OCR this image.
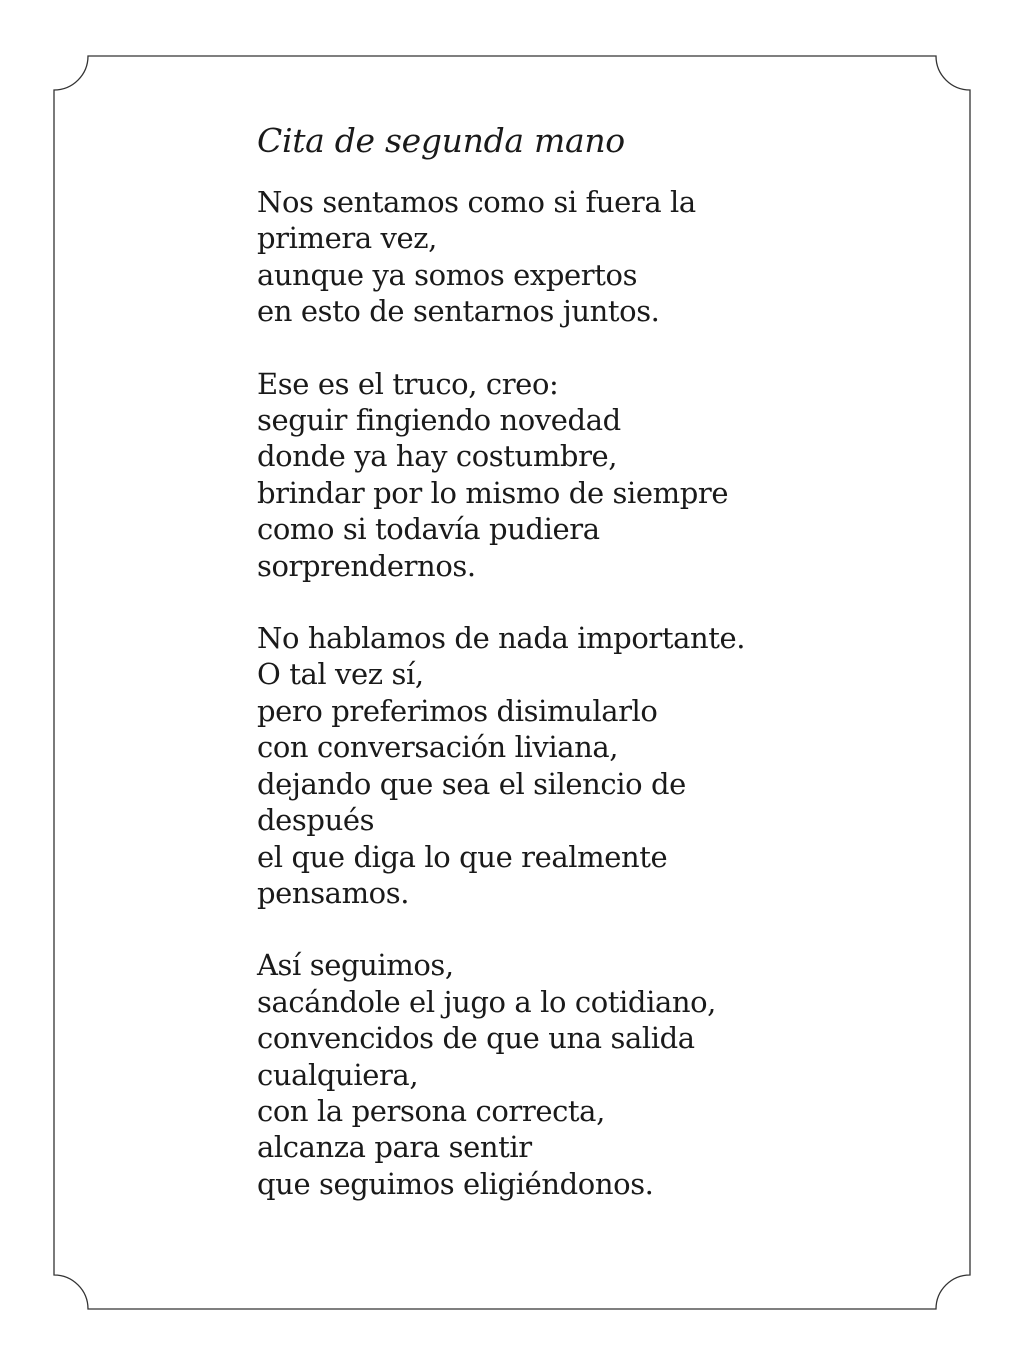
Cita de segunda mano
Nos sentamos como si fuera la
primera vez,
aunque ya somos expertos
en esto de sentarnos juntos.
Ese es el truco, creo:
seguir fingiendo novedad
donde ya hay costumbre,
brindar por lo mismo de siempre
como si todavía pudiera
sorprendernos.
No hablamos de nada importante.
O tal vez sí,
pero preferimos disimularlo
con conversación liviana,
dejando que sea el silencio de
después
el que diga lo que realmente
pensamos.
Así seguimos,
sacándole el jugo a lo cotidiano,
convencidos de que una salida
cualquiera,
con la persona correcta,
alcanza para sentir
que seguimos eligiéndonos.
